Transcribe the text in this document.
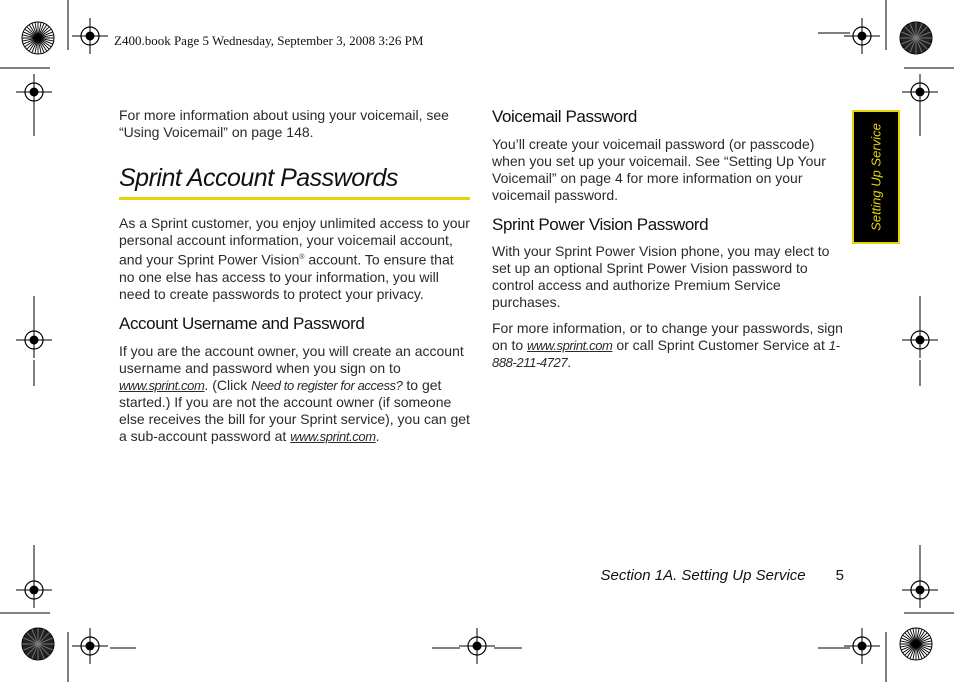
Z400.book Page 5 Wednesday, September 3, 2008 3:26 PM

For more information about using your voicemail, see “Using Voicemail” on page 148.

Sprint Account Passwords

As a Sprint customer, you enjoy unlimited access to your personal account information, your voicemail account, and your Sprint Power Vision® account. To ensure that no one else has access to your information, you will need to create passwords to protect your privacy.

Account Username and Password

If you are the account owner, you will create an account username and password when you sign on to www.sprint.com. (Click Need to register for access? to get started.) If you are not the account owner (if someone else receives the bill for your Sprint service), you can get a sub-account password at www.sprint.com.

Voicemail Password

You’ll create your voicemail password (or passcode) when you set up your voicemail. See “Setting Up Your Voicemail” on page 4 for more information on your voicemail password.

Sprint Power Vision Password

With your Sprint Power Vision phone, you may elect to set up an optional Sprint Power Vision password to control access and authorize Premium Service purchases.

For more information, or to change your passwords, sign on to www.sprint.com or call Sprint Customer Service at 1-888-211-4727.

Setting Up Service
Section 1A. Setting Up Service 5
